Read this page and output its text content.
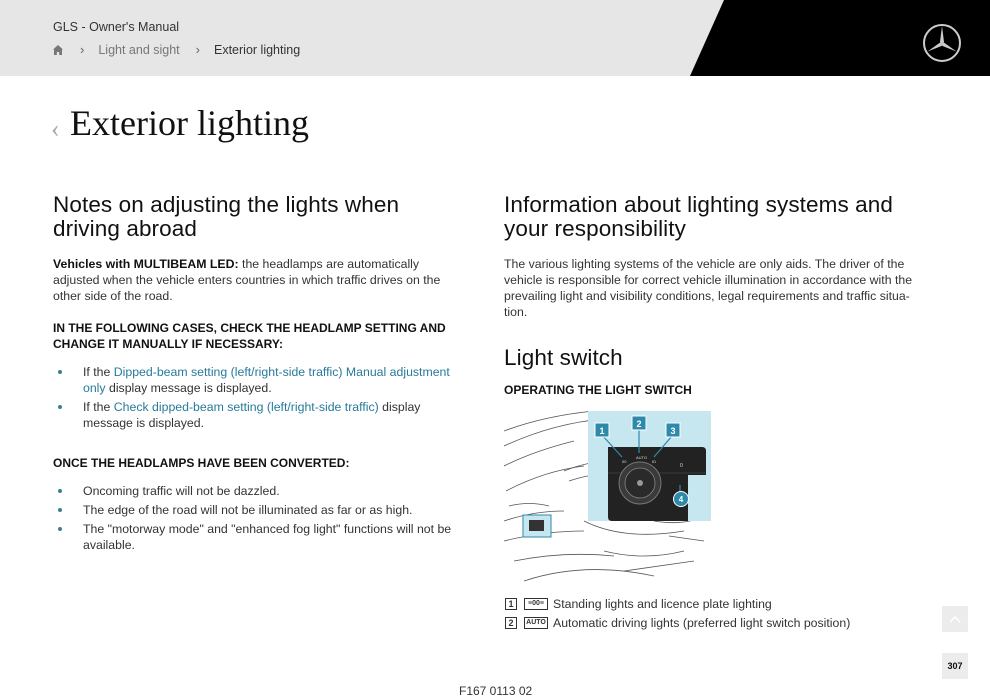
GLS - Owner's Manual
› Light and sight › Exterior lighting
‹ Exterior lighting
Notes on adjusting the lights when driving abroad

Vehicles with MULTIBEAM LED: the headlamps are automatically adjusted when the vehicle enters countries in which traffic drives on the other side of the road.

IN THE FOLLOWING CASES, CHECK THE HEADLAMP SETTING AND CHANGE IT MANUALLY IF NECESSARY:
If the Dipped-beam setting (left/right-side traffic) Manual adjustment only display message is displayed.
If the Check dipped-beam setting (left/right-side traffic) display message is displayed.
ONCE THE HEADLAMPS HAVE BEEN CONVERTED:
Oncoming traffic will not be dazzled.
The edge of the road will not be illuminated as far or as high.
The "motorway mode" and "enhanced fog light" functions will not be available.
Information about lighting systems and your responsibility

The various lighting systems of the vehicle are only aids. The driver of the vehicle is responsible for correct vehicle illumination in accordance with the prevailing light and visibility conditions, legal requirements and traffic situa-tion.

Light switch
OPERATING THE LIGHT SWITCH
00
AUTO
ID
0
1
2
3
4
1	≡00≡ Standing lights and licence plate lighting
2	AUTO Automatic driving lights (preferred light switch position)
F167 0113 02
307
